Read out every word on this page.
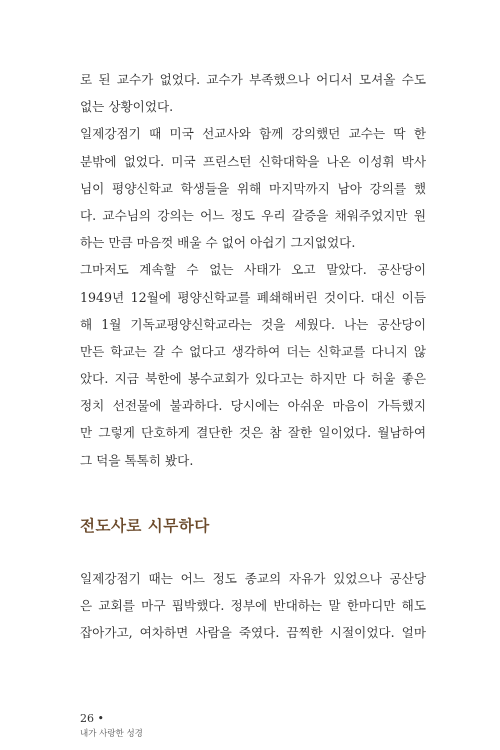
로 된 교수가 없었다. 교수가 부족했으나 어디서 모셔올 수도
없는 상황이었다.

일제강점기 때 미국 선교사와 함께 강의했던 교수는 딱 한
분밖에 없었다. 미국 프린스턴 신학대학을 나온 이성휘 박사
님이 평양신학교 학생들을 위해 마지막까지 남아 강의를 했
다. 교수님의 강의는 어느 정도 우리 갈증을 채워주었지만 원
하는 만큼 마음껏 배울 수 없어 아쉽기 그지없었다.

그마저도 계속할 수 없는 사태가 오고 말았다. 공산당이
1949년 12월에 평양신학교를 폐쇄해버린 것이다. 대신 이듬
해 1월 기독교평양신학교라는 것을 세웠다. 나는 공산당이
만든 학교는 갈 수 없다고 생각하여 더는 신학교를 다니지 않
았다. 지금 북한에 봉수교회가 있다고는 하지만 다 허울 좋은
정치 선전물에 불과하다. 당시에는 아쉬운 마음이 가득했지
만 그렇게 단호하게 결단한 것은 참 잘한 일이었다. 월남하여
그 덕을 톡톡히 봤다.

전도사로 시무하다

일제강점기 때는 어느 정도 종교의 자유가 있었으나 공산당
은 교회를 마구 핍박했다. 정부에 반대하는 말 한마디만 해도
잡아가고, 여차하면 사람을 죽였다. 끔찍한 시절이었다. 얼마

26 •
내가 사랑한 성경
